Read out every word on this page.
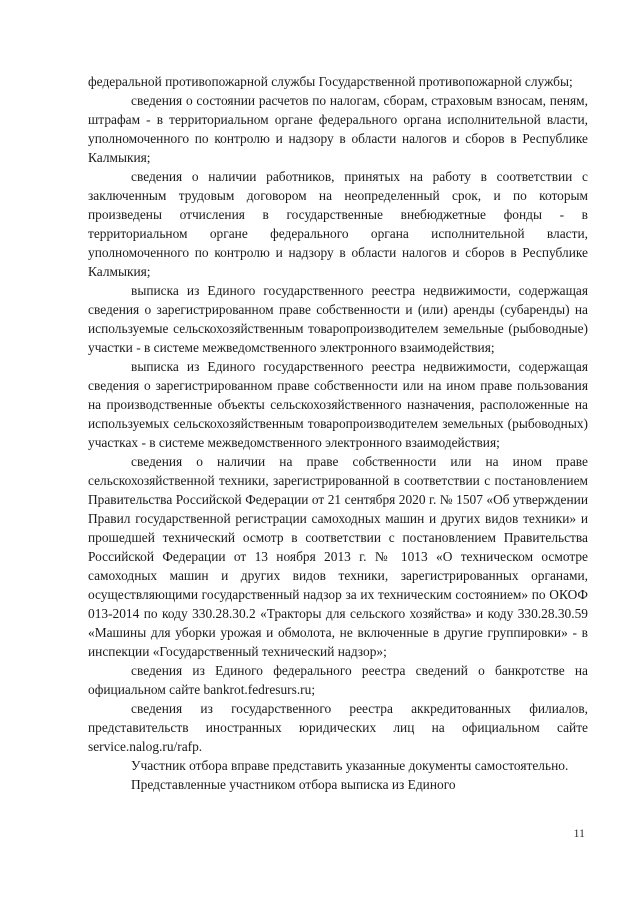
федеральной противопожарной службы Государственной противопожарной службы;

сведения о состоянии расчетов по налогам, сборам, страховым взносам, пеням, штрафам - в территориальном органе федерального органа исполнительной власти, уполномоченного по контролю и надзору в области налогов и сборов в Республике Калмыкия;

сведения о наличии работников, принятых на работу в соответствии с заключенным трудовым договором на неопределенный срок, и по которым произведены отчисления в государственные внебюджетные фонды - в территориальном органе федерального органа исполнительной власти, уполномоченного по контролю и надзору в области налогов и сборов в Республике Калмыкия;

выписка из Единого государственного реестра недвижимости, содержащая сведения о зарегистрированном праве собственности и (или) аренды (субаренды) на используемые сельскохозяйственным товаропроизводителем земельные (рыбоводные) участки - в системе межведомственного электронного взаимодействия;

выписка из Единого государственного реестра недвижимости, содержащая сведения о зарегистрированном праве собственности или на ином праве пользования на производственные объекты сельскохозяйственного назначения, расположенные на используемых сельскохозяйственным товаропроизводителем земельных (рыбоводных) участках - в системе межведомственного электронного взаимодействия;

сведения о наличии на праве собственности или на ином праве сельскохозяйственной техники, зарегистрированной в соответствии с постановлением Правительства Российской Федерации от 21 сентября 2020 г. № 1507 «Об утверждении Правил государственной регистрации самоходных машин и других видов техники» и прошедшей технический осмотр в соответствии с постановлением Правительства Российской Федерации от 13 ноября 2013 г. № 1013 «О техническом осмотре самоходных машин и других видов техники, зарегистрированных органами, осуществляющими государственный надзор за их техническим состоянием» по ОКОФ 013-2014 по коду 330.28.30.2 «Тракторы для сельского хозяйства» и коду 330.28.30.59 «Машины для уборки урожая и обмолота, не включенные в другие группировки» - в инспекции «Государственный технический надзор»;

сведения из Единого федерального реестра сведений о банкротстве на официальном сайте bankrot.fedresurs.ru;

сведения из государственного реестра аккредитованных филиалов, представительств иностранных юридических лиц на официальном сайте service.nalog.ru/rafp.

Участник отбора вправе представить указанные документы самостоятельно.

Представленные участником отбора выписка из Единого

11
